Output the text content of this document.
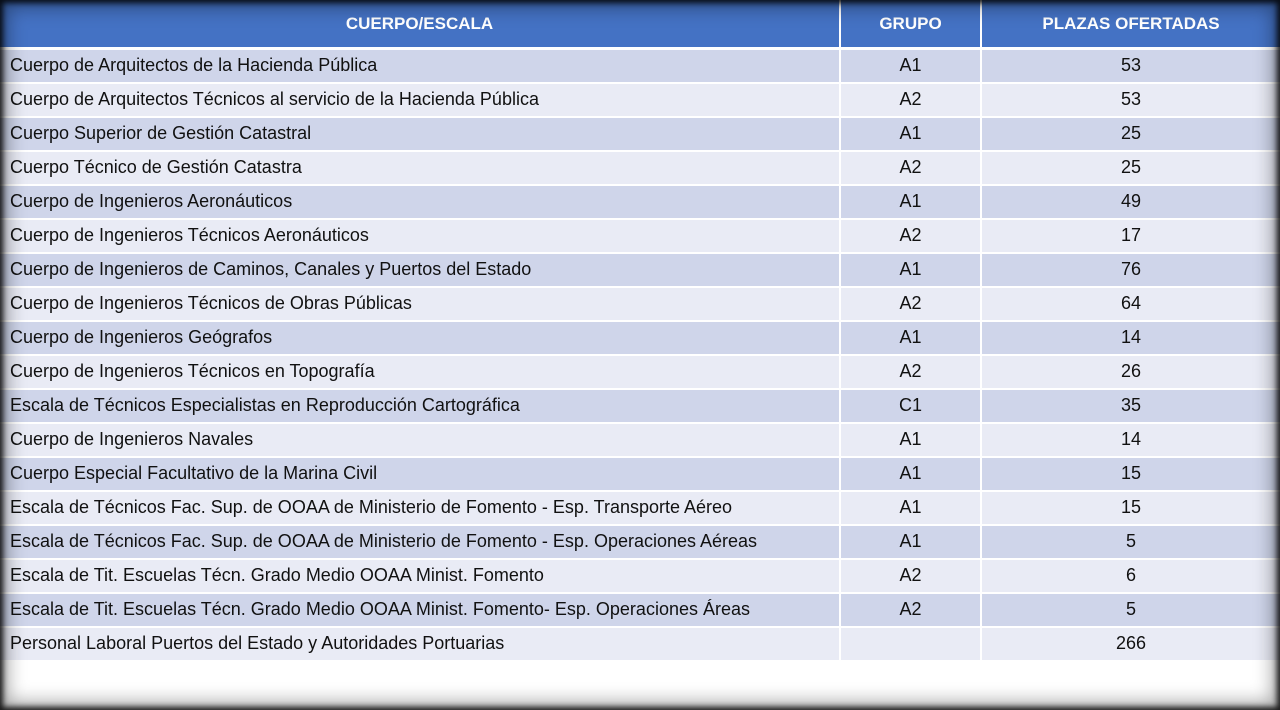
CUERPO/ESCALA	GRUPO	PLAZAS OFERTADAS
Cuerpo de Arquitectos de la Hacienda Pública	A1	53
Cuerpo de Arquitectos Técnicos al servicio de la Hacienda Pública	A2	53
Cuerpo Superior de Gestión Catastral	A1	25
Cuerpo Técnico de Gestión Catastra	A2	25
Cuerpo de Ingenieros Aeronáuticos	A1	49
Cuerpo de Ingenieros Técnicos Aeronáuticos	A2	17
Cuerpo de Ingenieros de Caminos, Canales y Puertos del Estado	A1	76
Cuerpo de Ingenieros Técnicos de Obras Públicas	A2	64
Cuerpo de Ingenieros Geógrafos	A1	14
Cuerpo de Ingenieros Técnicos en Topografía	A2	26
Escala de Técnicos Especialistas en Reproducción Cartográfica	C1	35
Cuerpo de Ingenieros Navales	A1	14
Cuerpo Especial Facultativo de la Marina Civil	A1	15
Escala de Técnicos Fac. Sup. de OOAA de Ministerio de Fomento - Esp. Transporte Aéreo	A1	15
Escala de Técnicos Fac. Sup. de OOAA de Ministerio de Fomento - Esp. Operaciones Aéreas	A1	5
Escala de Tit. Escuelas Técn. Grado Medio OOAA Minist. Fomento	A2	6
Escala de Tit. Escuelas Técn. Grado Medio OOAA Minist. Fomento- Esp. Operaciones Áreas	A2	5
Personal Laboral Puertos del Estado y Autoridades Portuarias		266
